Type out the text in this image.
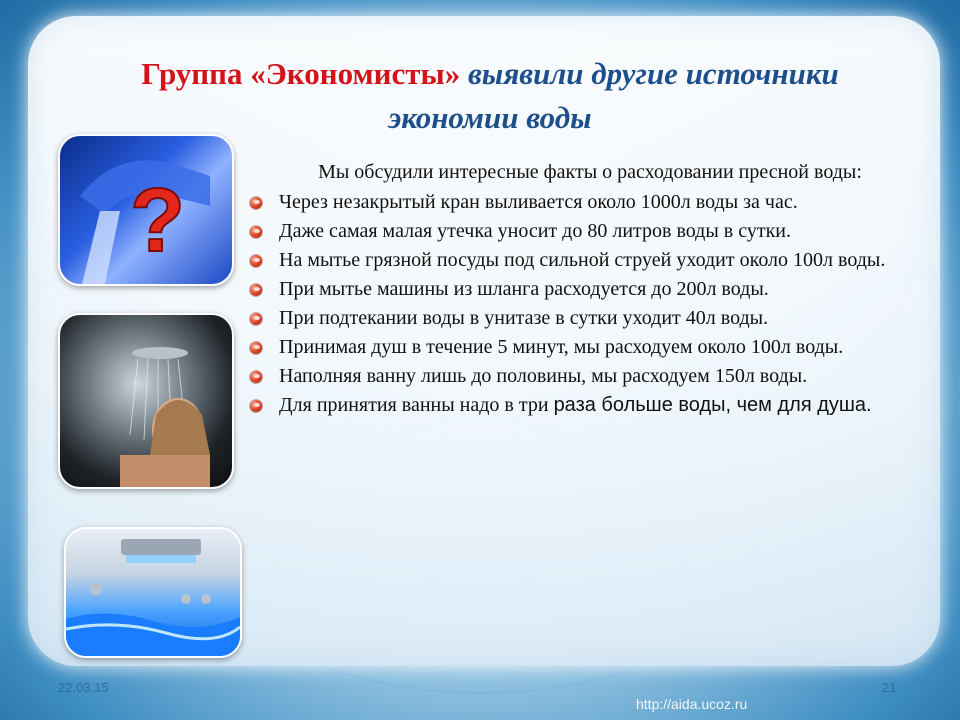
Группа «Экономисты» выявили другие источники
экономии воды
?	Мы обсудили интересные факты о расходовании пресной воды:
Через незакрытый кран выливается около 1000л воды за час.
Даже самая малая утечка уносит до 80 литров воды в сутки.
На мытье грязной посуды под сильной струей уходит около 100л воды.
При мытье машины из шланга расходуется до 200л воды.
При подтекании воды в унитазе в сутки уходит 40л воды.
Принимая душ в течение 5 минут, мы расходуем около 100л воды.
Наполняя ванну лишь до половины, мы расходуем 150л воды.
Для принятия ванны надо в три раза больше воды, чем для душа.
22.03.15	21
http://aida.ucoz.ru
